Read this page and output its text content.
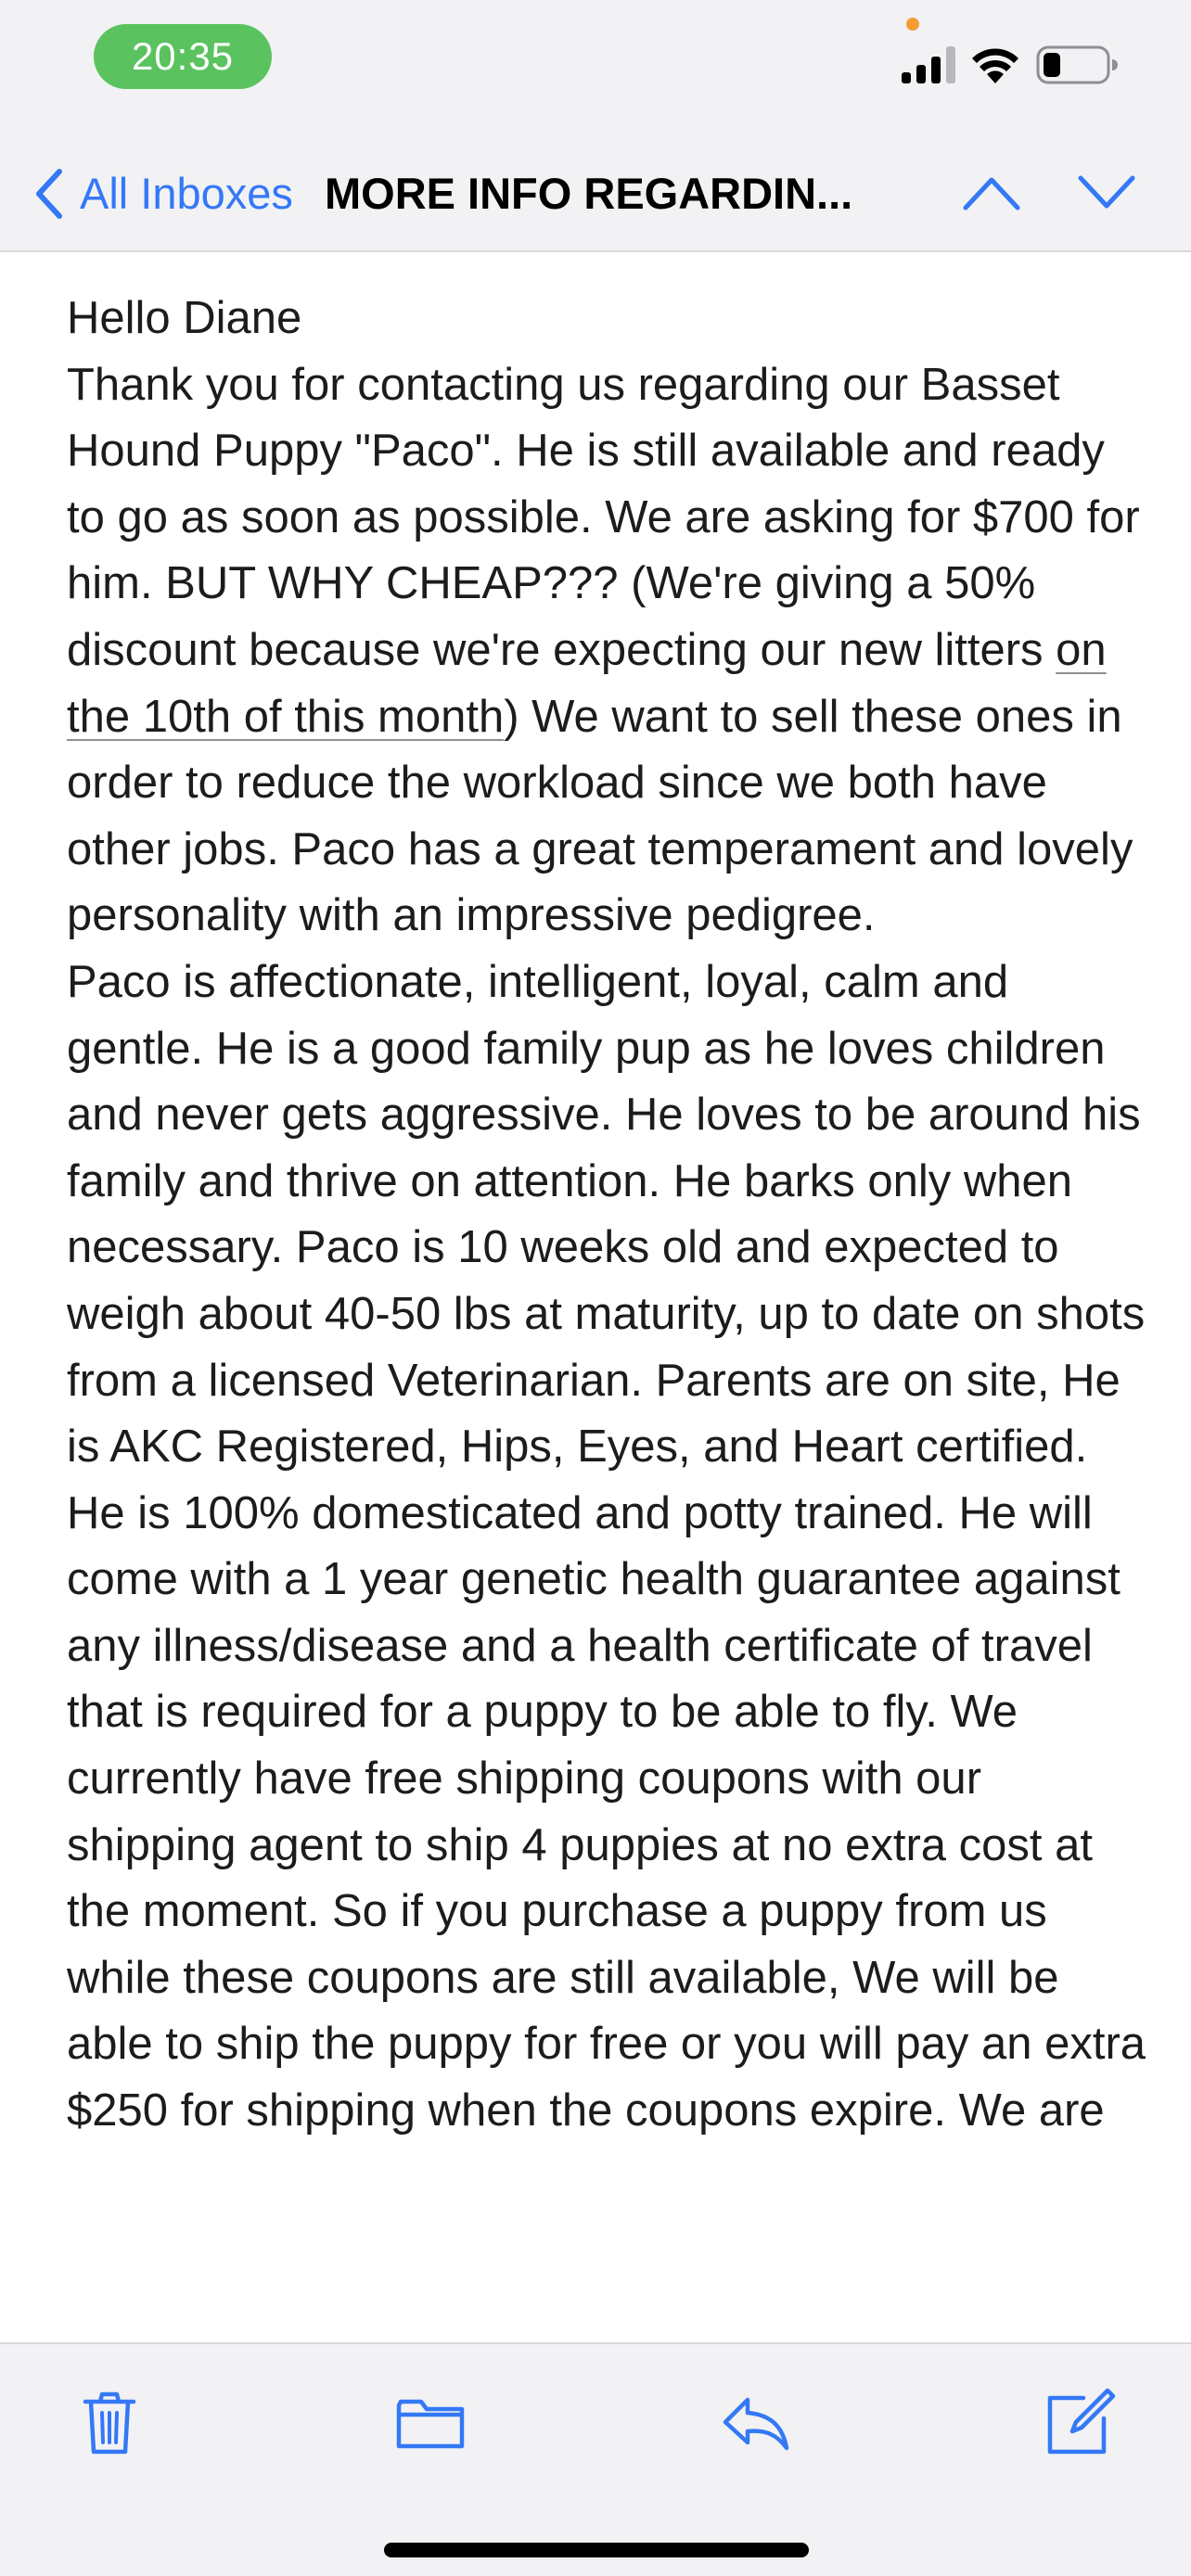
20:35
All Inboxes MORE INFO REGARDIN...

Hello Diane

Thank you for contacting us regarding our Basset Hound Puppy "Paco". He is still available and ready to go as soon as possible. We are asking for $700 for him. BUT WHY CHEAP??? (We're giving a 50% discount because we're expecting our new litters on the 10th of this month) We want to sell these ones in order to reduce the workload since we both have other jobs. Paco has a great temperament and lovely personality with an impressive pedigree.

Paco is affectionate, intelligent, loyal, calm and gentle. He is a good family pup as he loves children and never gets aggressive. He loves to be around his family and thrive on attention. He barks only when necessary. Paco is 10 weeks old and expected to weigh about 40-50 lbs at maturity, up to date on shots from a licensed Veterinarian. Parents are on site, He is AKC Registered, Hips, Eyes, and Heart certified. He is 100% domesticated and potty trained. He will come with a 1 year genetic health guarantee against any illness/disease and a health certificate of travel that is required for a puppy to be able to fly. We currently have free shipping coupons with our shipping agent to ship 4 puppies at no extra cost at the moment. So if you purchase a puppy from us while these coupons are still available, We will be able to ship the puppy for free or you will pay an extra $250 for shipping when the coupons expire. We are
